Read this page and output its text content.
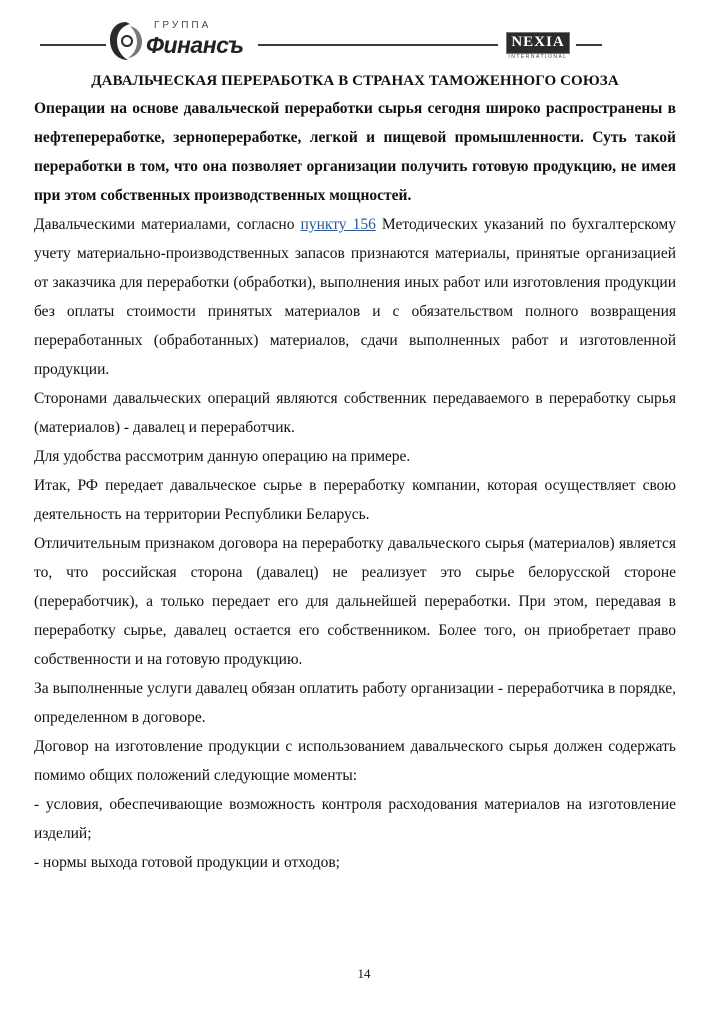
ГРУППА
Финансъ	NEXIA
INTERNATIONAL
ДАВАЛЬЧЕСКАЯ ПЕРЕРАБОТКА В СТРАНАХ ТАМОЖЕННОГО СОЮЗА

Операции на основе давальческой переработки сырья сегодня широко распространены в нефтепереработке, зернопереработке, легкой и пищевой промышленности. Суть такой переработки в том, что она позволяет организации получить готовую продукцию, не имея при этом собственных производственных мощностей.

Давальческими материалами, согласно пункту 156 Методических указаний по бухгалтерскому учету материально-производственных запасов признаются материалы, принятые организацией от заказчика для переработки (обработки), выполнения иных работ или изготовления продукции без оплаты стоимости принятых материалов и с обязательством полного возвращения переработанных (обработанных) материалов, сдачи выполненных работ и изготовленной продукции.

Сторонами давальческих операций являются собственник передаваемого в переработку сырья (материалов) - давалец и переработчик.

Для удобства рассмотрим данную операцию на примере.

Итак, РФ передает давальческое сырье в переработку компании, которая осуществляет свою деятельность на территории Республики Беларусь.

Отличительным признаком договора на переработку давальческого сырья (материалов) является то, что российская сторона (давалец) не реализует это сырье белорусской стороне (переработчик), а только передает его для дальнейшей переработки. При этом, передавая в переработку сырье, давалец остается его собственником. Более того, он приобретает право собственности и на готовую продукцию.

За выполненные услуги давалец обязан оплатить работу организации - переработчика в порядке, определенном в договоре.

Договор на изготовление продукции с использованием давальческого сырья должен содержать помимо общих положений следующие моменты:

- условия, обеспечивающие возможность контроля расходования материалов на изготовление изделий;

- нормы выхода готовой продукции и отходов;

14
